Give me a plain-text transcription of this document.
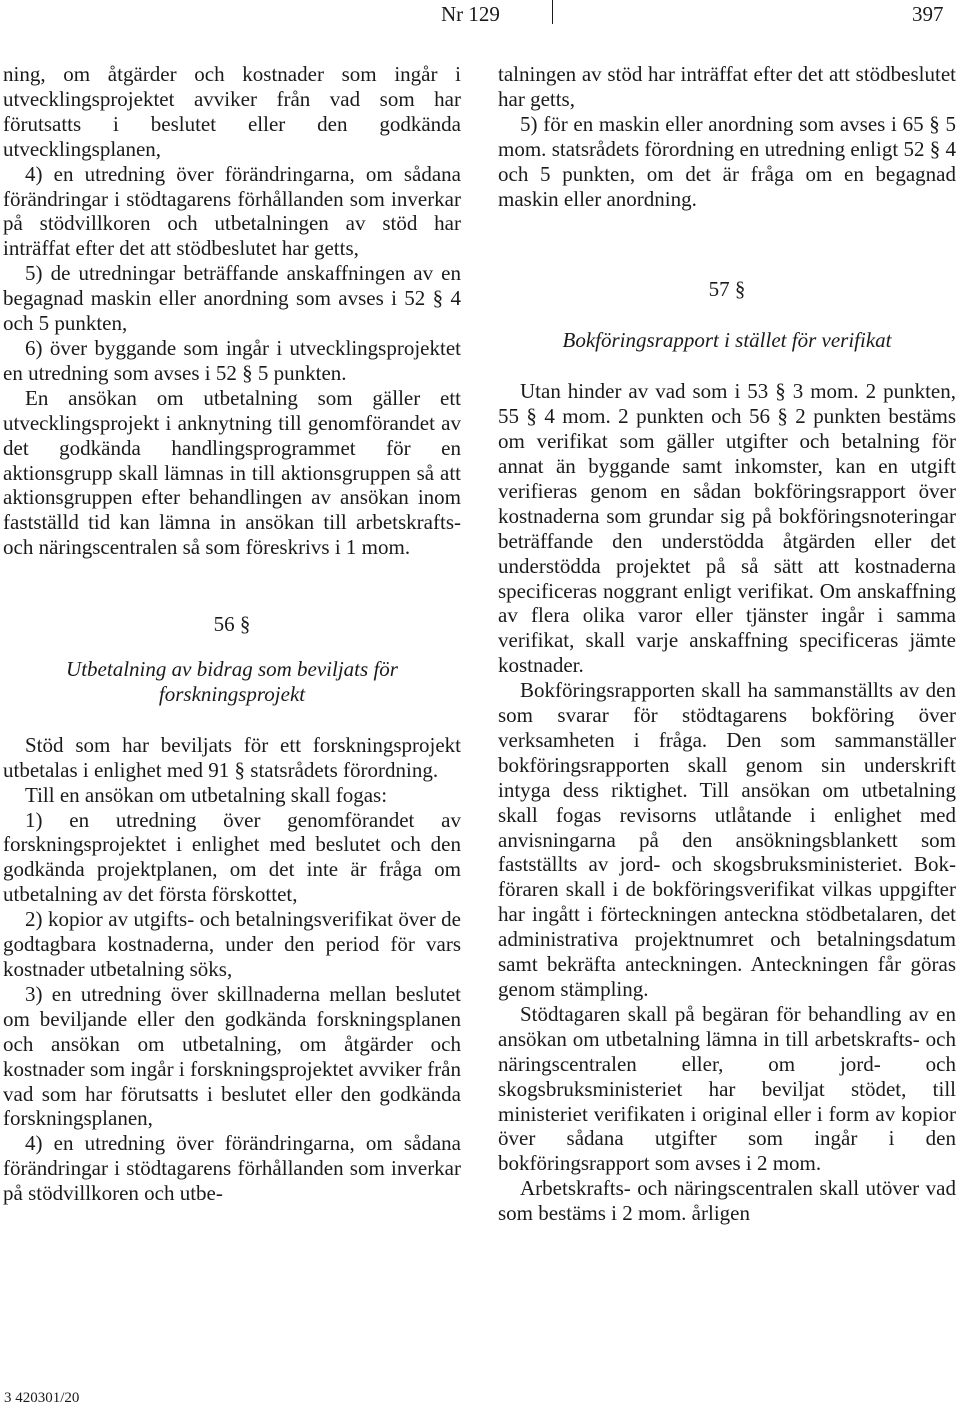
Nr 129	397

ning, om åtgärder och kostnader som ingår i utvecklingsprojektet avviker från vad som har förutsatts i beslutet eller den godkända utvecklingsplanen,

4) en utredning över förändringarna, om sådana förändringar i stödtagarens förhållanden som inverkar på stödvillkoren och utbetalningen av stöd har inträffat efter det att stödbeslutet har getts,

5) de utredningar beträffande anskaffningen av en begagnad maskin eller anordning som avses i 52 § 4 och 5 punkten,

6) över byggande som ingår i utvecklingsprojektet en utredning som avses i 52 § 5 punkten.

En ansökan om utbetalning som gäller ett utvecklingsprojekt i anknytning till genomförandet av det godkända handlingsprogrammet för en aktionsgrupp skall lämnas in till aktionsgruppen så att aktionsgruppen efter behandlingen av ansökan inom fastställd tid kan lämna in ansökan till arbetskrafts- och näringscentralen så som föreskrivs i 1 mom.

56 §

Utbetalning av bidrag som beviljats för forskningsprojekt

Stöd som har beviljats för ett forskningsprojekt utbetalas i enlighet med 91 § statsrådets förordning.

Till en ansökan om utbetalning skall fogas:

1) en utredning över genomförandet av forskningsprojektet i enlighet med beslutet och den godkända projektplanen, om det inte är fråga om utbetalning av det första förskottet,

2) kopior av utgifts- och betalningsverifikat över de godtagbara kostnaderna, under den period för vars kostnader utbetalning söks,

3) en utredning över skillnaderna mellan beslutet om beviljande eller den godkända forskningsplanen och ansökan om utbetalning, om åtgärder och kostnader som ingår i forskningsprojektet avviker från vad som har förutsatts i beslutet eller den godkända forskningsplanen,

4) en utredning över förändringarna, om sådana förändringar i stödtagarens förhållanden som inverkar på stödvillkoren och utbe-

talningen av stöd har inträffat efter det att stödbeslutet har getts,

5) för en maskin eller anordning som avses i 65 § 5 mom. statsrådets förordning en utredning enligt 52 § 4 och 5 punkten, om det är fråga om en begagnad maskin eller anordning.

57 §

Bokföringsrapport i stället för verifikat

Utan hinder av vad som i 53 § 3 mom. 2 punkten, 55 § 4 mom. 2 punkten och 56 § 2 punkten bestäms om verifikat som gäller utgifter och betalning för annat än byggande samt inkomster, kan en utgift verifieras genom en sådan bokföringsrapport över kostnaderna som grundar sig på bokföringsnoteringar beträffande den understödda åtgärden eller det understödda projektet på så sätt att kostnaderna specificeras noggrant enligt verifikat. Om anskaffning av flera olika varor eller tjänster ingår i samma verifikat, skall varje anskaffning specificeras jämte kostnader.

Bokföringsrapporten skall ha sammanställts av den som svarar för stödtagarens bokföring över verksamheten i fråga. Den som sammanställer bokföringsrapporten skall genom sin underskrift intyga dess riktighet. Till ansökan om utbetalning skall fogas revisorns utlåtande i enlighet med anvisningarna på den ansökningsblankett som fastställts av jord- och skogsbruksministeriet. Bokföraren skall i de bokföringsverifikat vilkas uppgifter har ingått i förteckningen anteckna stödbetalaren, det administrativa projektnumret och betalningsdatum samt bekräfta anteckningen. Anteckningen får göras genom stämpling.

Stödtagaren skall på begäran för behandling av en ansökan om utbetalning lämna in till arbetskrafts- och näringscentralen eller, om jord- och skogsbruksministeriet har beviljat stödet, till ministeriet verifikaten i original eller i form av kopior över sådana utgifter som ingår i den bokföringsrapport som avses i 2 mom.

Arbetskrafts- och näringscentralen skall utöver vad som bestäms i 2 mom. årligen

3 420301/20
